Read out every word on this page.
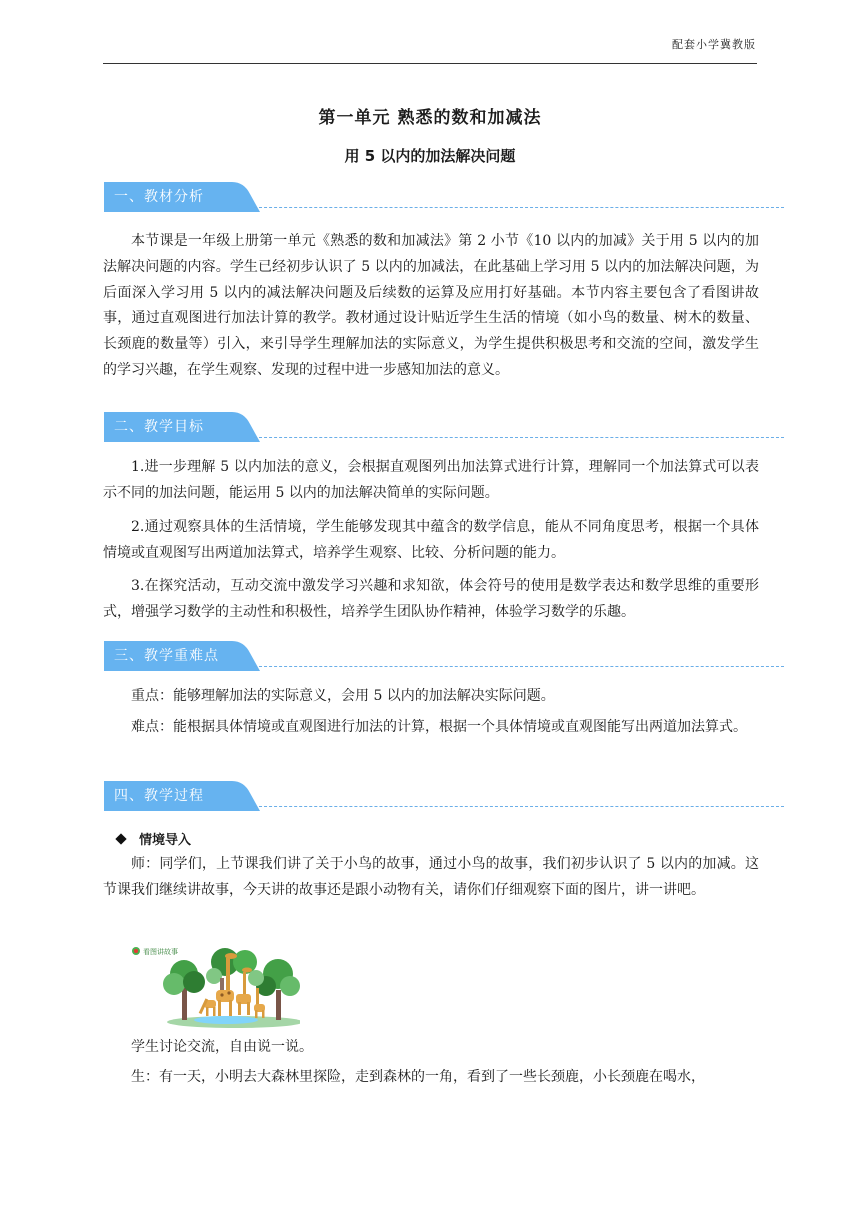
配套小学冀教版
第一单元 熟悉的数和加减法
用 5 以内的加法解决问题
一、教材分析

本节课是一年级上册第一单元《熟悉的数和加减法》第 2 小节《10 以内的加减》关于用 5 以内的加法解决问题的内容。学生已经初步认识了 5 以内的加减法，在此基础上学习用 5 以内的加法解决问题，为后面深入学习用 5 以内的减法解决问题及后续数的运算及应用打好基础。本节内容主要包含了看图讲故事，通过直观图进行加法计算的教学。教材通过设计贴近学生生活的情境（如小鸟的数量、树木的数量、长颈鹿的数量等）引入，来引导学生理解加法的实际意义，为学生提供积极思考和交流的空间，激发学生的学习兴趣，在学生观察、发现的过程中进一步感知加法的意义。

二、教学目标

1.进一步理解 5 以内加法的意义，会根据直观图列出加法算式进行计算，理解同一个加法算式可以表示不同的加法问题，能运用 5 以内的加法解决简单的实际问题。

2.通过观察具体的生活情境，学生能够发现其中蕴含的数学信息，能从不同角度思考，根据一个具体情境或直观图写出两道加法算式，培养学生观察、比较、分析问题的能力。

3.在探究活动，互动交流中激发学习兴趣和求知欲，体会符号的使用是数学表达和数学思维的重要形式，增强学习数学的主动性和积极性，培养学生团队协作精神，体验学习数学的乐趣。

三、教学重难点

重点：能够理解加法的实际意义，会用 5 以内的加法解决实际问题。

难点：能根据具体情境或直观图进行加法的计算，根据一个具体情境或直观图能写出两道加法算式。

四、教学过程
情境导入

师：同学们，上节课我们讲了关于小鸟的故事，通过小鸟的故事，我们初步认识了 5 以内的加减。这节课我们继续讲故事，今天讲的故事还是跟小动物有关，请你们仔细观察下面的图片，讲一讲吧。

看图讲故事

学生讨论交流，自由说一说。

生：有一天，小明去大森林里探险，走到森林的一角，看到了一些长颈鹿，小长颈鹿在喝水，
